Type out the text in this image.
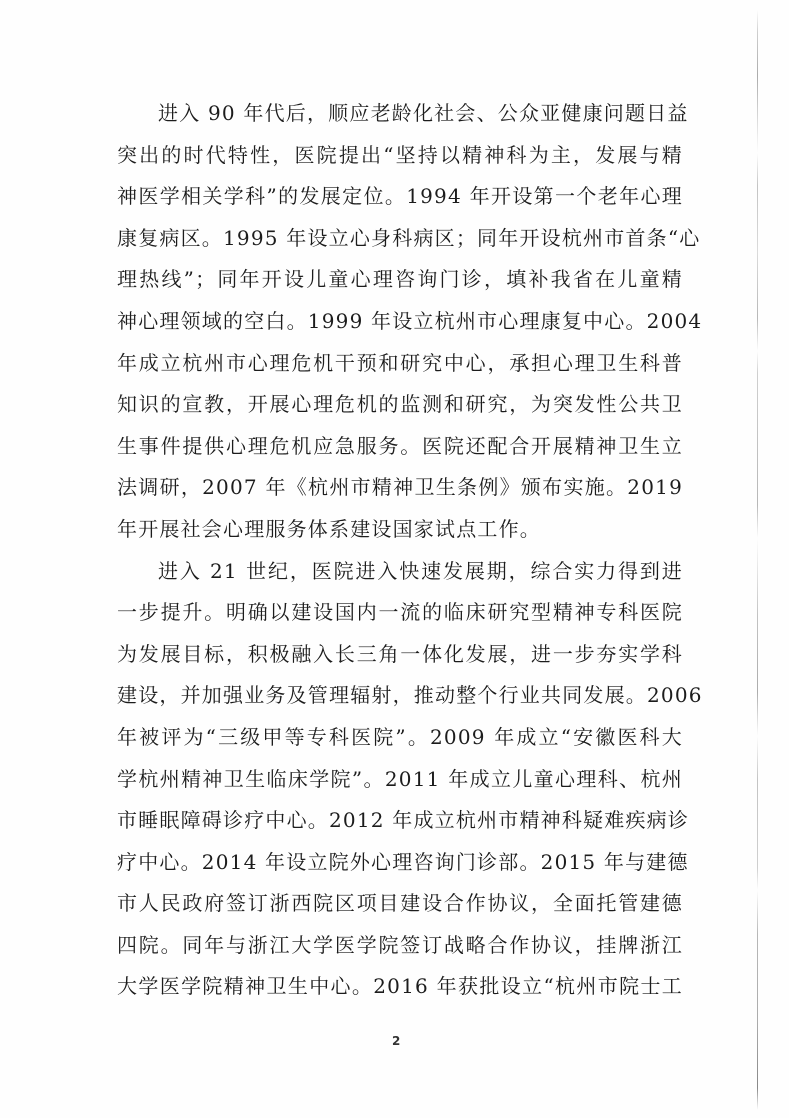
进入 90 年代后，顺应老龄化社会、公众亚健康问题日益
突出的时代特性，医院提出“坚持以精神科为主，发展与精
神医学相关学科”的发展定位。1994 年开设第一个老年心理
康复病区。1995 年设立心身科病区；同年开设杭州市首条“心
理热线”；同年开设儿童心理咨询门诊，填补我省在儿童精
神心理领域的空白。1999 年设立杭州市心理康复中心。2004
年成立杭州市心理危机干预和研究中心，承担心理卫生科普
知识的宣教，开展心理危机的监测和研究，为突发性公共卫
生事件提供心理危机应急服务。医院还配合开展精神卫生立
法调研，2007 年《杭州市精神卫生条例》颁布实施。2019
年开展社会心理服务体系建设国家试点工作。
进入 21 世纪，医院进入快速发展期，综合实力得到进
一步提升。明确以建设国内一流的临床研究型精神专科医院
为发展目标，积极融入长三角一体化发展，进一步夯实学科
建设，并加强业务及管理辐射，推动整个行业共同发展。2006
年被评为“三级甲等专科医院”。2009 年成立“安徽医科大
学杭州精神卫生临床学院”。2011 年成立儿童心理科、杭州
市睡眠障碍诊疗中心。2012 年成立杭州市精神科疑难疾病诊
疗中心。2014 年设立院外心理咨询门诊部。2015 年与建德
市人民政府签订浙西院区项目建设合作协议，全面托管建德
四院。同年与浙江大学医学院签订战略合作协议，挂牌浙江
大学医学院精神卫生中心。2016 年获批设立“杭州市院士工
2
